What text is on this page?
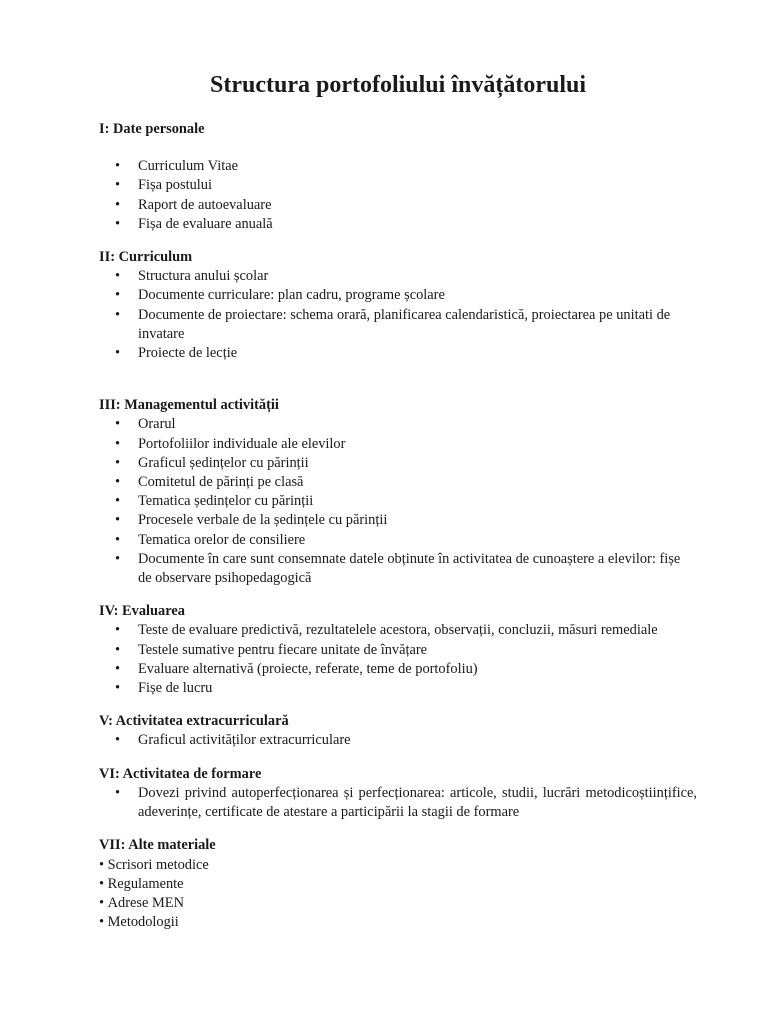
Structura portofoliului învățătorului
I: Date personale
• Curriculum Vitae
• Fișa postului
• Raport de autoevaluare
• Fișa de evaluare anuală
II: Curriculum
• Structura anului școlar
• Documente curriculare: plan cadru, programe școlare
• Documente de proiectare: schema orară, planificarea calendaristică, proiectarea pe unitati de invatare
• Proiecte de lecție
III: Managementul activității
• Orarul
• Portofoliilor individuale ale elevilor
• Graficul ședințelor cu părinții
• Comitetul de părinți pe clasă
• Tematica ședințelor cu părinții
• Procesele verbale de la ședințele cu părinții
• Tematica orelor de consiliere
• Documente în care sunt consemnate datele obținute în activitatea de cunoaștere a elevilor: fișe de observare psihopedagogică
IV: Evaluarea
• Teste de evaluare predictivă, rezultatelele acestora, observații, concluzii, măsuri remediale
• Testele sumative pentru fiecare unitate de învățare
• Evaluare alternativă (proiecte, referate, teme de portofoliu)
• Fișe de lucru
V: Activitatea extracurriculară
• Graficul activităților extracurriculare
VI: Activitatea de formare
• Dovezi privind autoperfecționarea și perfecționarea: articole, studii, lucrări metodicoștiințifice, adeverințe, certificate de atestare a participării la stagii de formare
VII: Alte materiale
• Scrisori metodice
• Regulamente
• Adrese MEN
• Metodologii
